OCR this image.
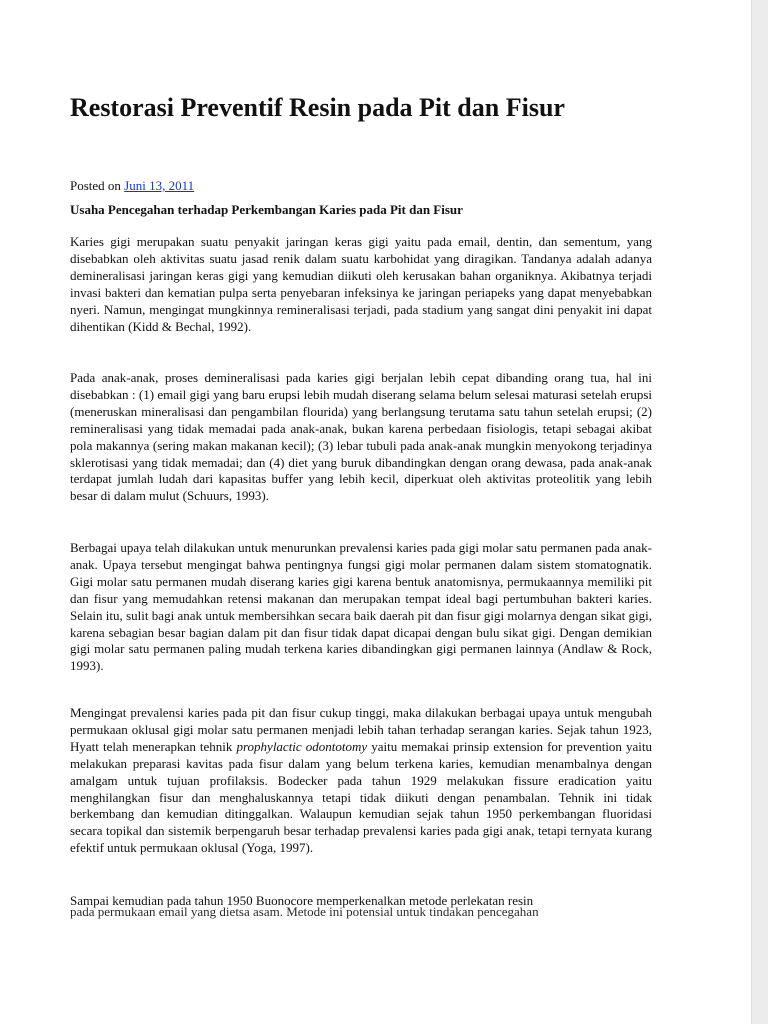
Restorasi Preventif Resin pada Pit dan Fisur
Posted on Juni 13, 2011
Usaha Pencegahan terhadap Perkembangan Karies pada Pit dan Fisur

Karies gigi merupakan suatu penyakit jaringan keras gigi yaitu pada email, dentin, dan sementum, yang disebabkan oleh aktivitas suatu jasad renik dalam suatu karbohidat yang diragikan. Tandanya adalah adanya demineralisasi jaringan keras gigi yang kemudian diikuti oleh kerusakan bahan organiknya. Akibatnya terjadi invasi bakteri dan kematian pulpa serta penyebaran infeksinya ke jaringan periapeks yang dapat menyebabkan nyeri. Namun, mengingat mungkinnya remineralisasi terjadi, pada stadium yang sangat dini penyakit ini dapat dihentikan (Kidd & Bechal, 1992).

Pada anak-anak, proses demineralisasi pada karies gigi berjalan lebih cepat dibanding orang tua, hal ini disebabkan : (1) email gigi yang baru erupsi lebih mudah diserang selama belum selesai maturasi setelah erupsi (meneruskan mineralisasi dan pengambilan flourida) yang berlangsung terutama satu tahun setelah erupsi; (2) remineralisasi yang tidak memadai pada anak-anak, bukan karena perbedaan fisiologis, tetapi sebagai akibat pola makannya (sering makan makanan kecil); (3) lebar tubuli pada anak-anak mungkin menyokong terjadinya sklerotisasi yang tidak memadai; dan (4) diet yang buruk dibandingkan dengan orang dewasa, pada anak-anak terdapat jumlah ludah dari kapasitas buffer yang lebih kecil, diperkuat oleh aktivitas proteolitik yang lebih besar di dalam mulut (Schuurs, 1993).

Berbagai upaya telah dilakukan untuk menurunkan prevalensi karies pada gigi molar satu permanen pada anak-anak. Upaya tersebut mengingat bahwa pentingnya fungsi gigi molar permanen dalam sistem stomatognatik. Gigi molar satu permanen mudah diserang karies gigi karena bentuk anatomisnya, permukaannya memiliki pit dan fisur yang memudahkan retensi makanan dan merupakan tempat ideal bagi pertumbuhan bakteri karies. Selain itu, sulit bagi anak untuk membersihkan secara baik daerah pit dan fisur gigi molarnya dengan sikat gigi, karena sebagian besar bagian dalam pit dan fisur tidak dapat dicapai dengan bulu sikat gigi. Dengan demikian gigi molar satu permanen paling mudah terkena karies dibandingkan gigi permanen lainnya (Andlaw & Rock, 1993).

Mengingat prevalensi karies pada pit dan fisur cukup tinggi, maka dilakukan berbagai upaya untuk mengubah permukaan oklusal gigi molar satu permanen menjadi lebih tahan terhadap serangan karies. Sejak tahun 1923, Hyatt telah menerapkan tehnik prophylactic odontotomy yaitu memakai prinsip extension for prevention yaitu melakukan preparasi kavitas pada fisur dalam yang belum terkena karies, kemudian menambalnya dengan amalgam untuk tujuan profilaksis. Bodecker pada tahun 1929 melakukan fissure eradication yaitu menghilangkan fisur dan menghaluskannya tetapi tidak diikuti dengan penambalan. Tehnik ini tidak berkembang dan kemudian ditinggalkan. Walaupun kemudian sejak tahun 1950 perkembangan fluoridasi secara topikal dan sistemik berpengaruh besar terhadap prevalensi karies pada gigi anak, tetapi ternyata kurang efektif untuk permukaan oklusal (Yoga, 1997).

Sampai kemudian pada tahun 1950 Buonocore memperkenalkan metode perlekatan resin

pada permukaan email yang dietsa asam. Metode ini potensial untuk tindakan pencegahan
